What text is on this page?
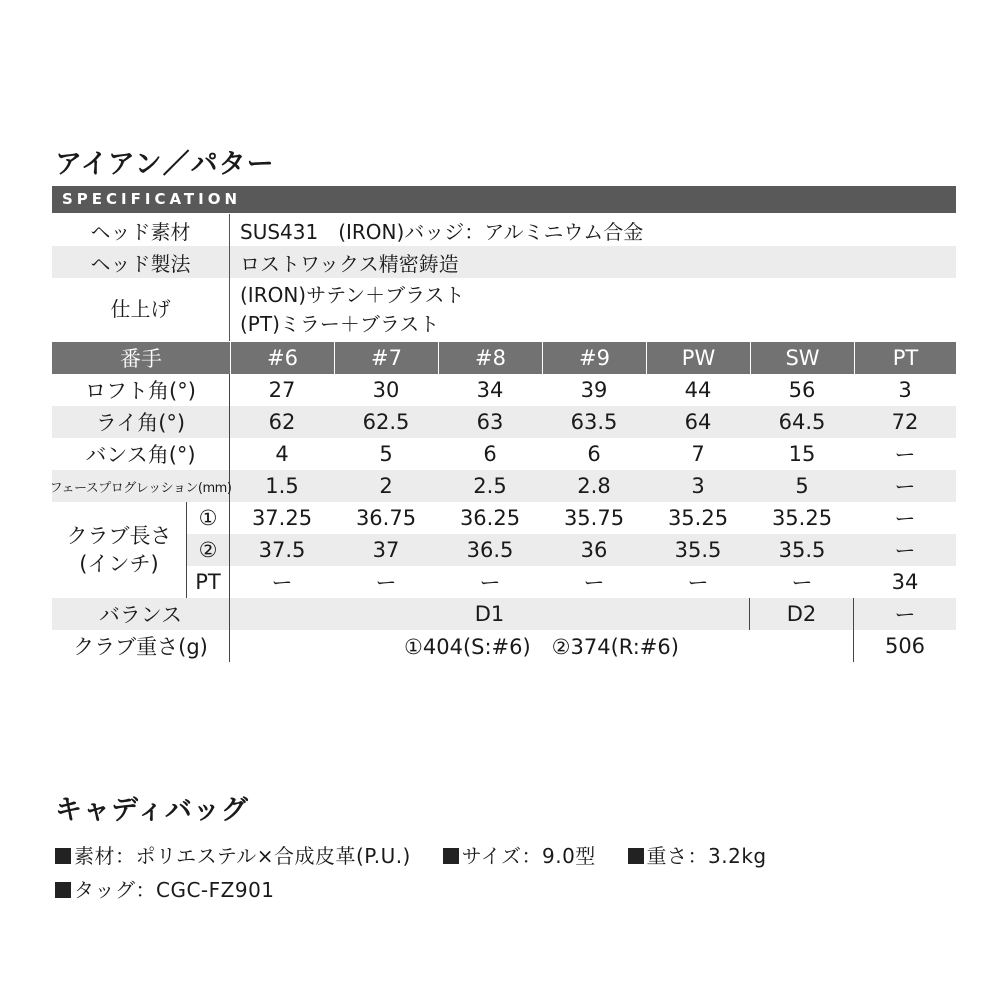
アイアン／パター
SPECIFICATION
ヘッド素材	SUS431　(IRON)バッジ：アルミニウム合金
ヘッド製法	ロストワックス精密鋳造
仕上げ
(IRON)サテン＋ブラスト
(PT)ミラー＋ブラスト
番手	#6	#7	#8	#9	PW	SW	PT
ロフト角(°)	27	30	34	39	44	56	3
ライ角(°)	62	62.5	63	63.5	64	64.5	72
バンス角(°)	4	5	6	6	7	15	ー
フェースプログレッション(mm)	1.5	2	2.5	2.8	3	5	ー
クラブ長さ
(インチ)
①	37.25	36.75	36.25	35.75	35.25	35.25	ー
②	37.5	37	36.5	36	35.5	35.5	ー
PT	ー	ー	ー	ー	ー	ー	34
バランス	D1	D2	ー
クラブ重さ(g)	①404(S:#6)　②374(R:#6)	506
キャディバッグ
素材：ポリエステル×合成皮革(P.U.)	サイズ：9.0型	重さ：3.2kg
タッグ：CGC-FZ901
